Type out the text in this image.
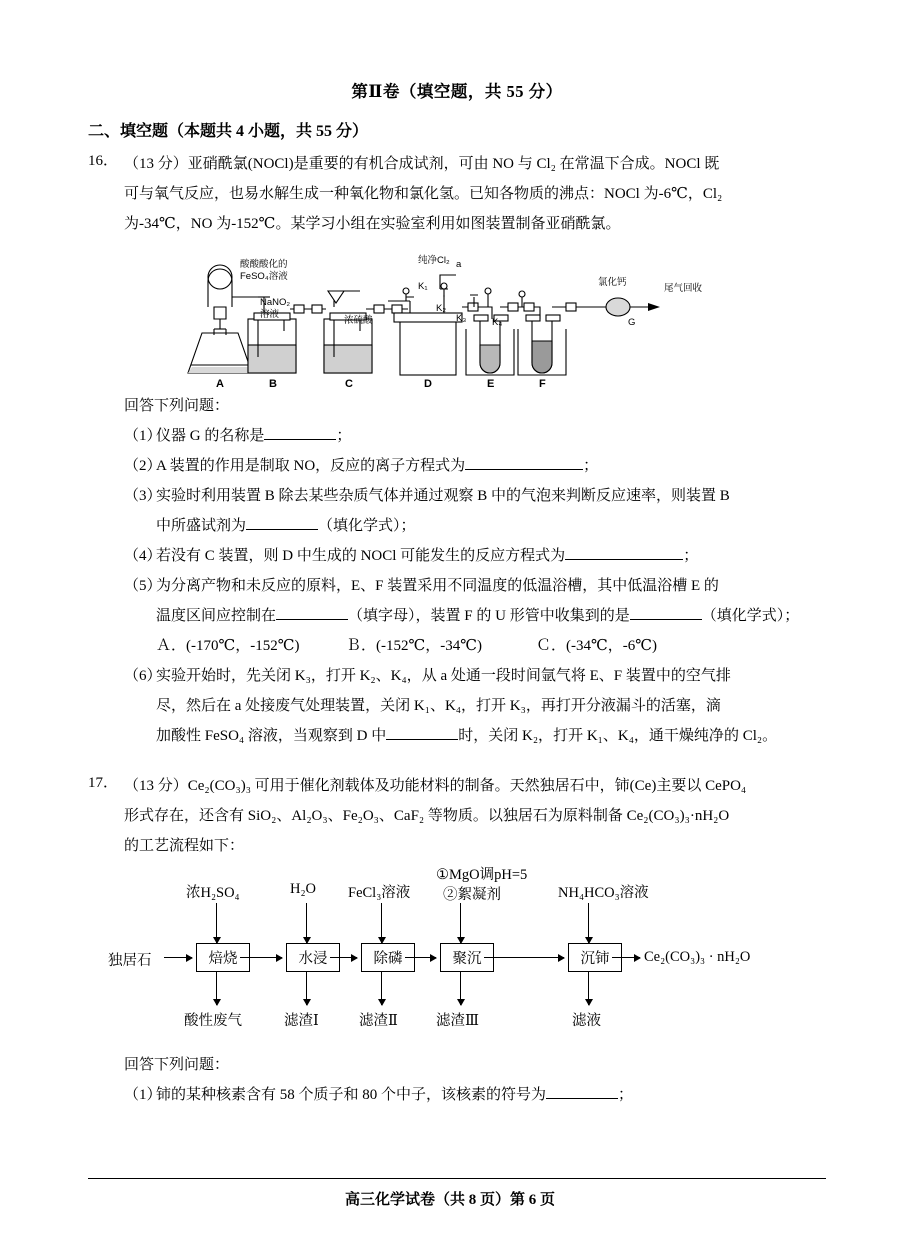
第Ⅱ卷（填空题，共 55 分）
二、填空题（本题共 4 小题，共 55 分）
16． （13 分）亚硝酰氯(NOCl)是重要的有机合成试剂，可由 NO 与 Cl₂ 在常温下合成。NOCl 既

可与氧气反应，也易水解生成一种氧化物和氯化氢。已知各物质的沸点：NOCl 为-6℃，Cl₂

为-34℃，NO 为-152℃。某学习小组在实验室利用如图装置制备亚硝酰氯。

酸酸酸化的
FeSO₄溶液
NaNO₂
溶液
浓硫酸
纯净Cl₂ a
氯化钙
尾气回收
G
K₁
K₂
K₃	K₄
A	B	C	D	E	F
回答下列问题：
（1）
仪器 G 的名称是	；
（2）
A 装置的作用是制取 NO，反应的离子方程式为	；
（3）
实验时利用装置 B 除去某些杂质气体并通过观察 B 中的气泡来判断反应速率，则装置 B
中所盛试剂为	（填化学式）；
（4）
若没有 C 装置，则 D 中生成的 NOCl 可能发生的反应方程式为	；
（5）
为分离产物和未反应的原料，E、F 装置采用不同温度的低温浴槽，其中低温浴槽 E 的
温度区间应控制在	（填字母），装置 F 的 U 形管中收集到的是	（填化学式）；
Ａ．(-170℃，-152℃)	Ｂ．(-152℃，-34℃)	Ｃ．(-34℃，-6℃)
（6）
实验开始时，先关闭 K₃，打开 K₂、K₄，从 a 处通一段时间氩气将 E、F 装置中的空气排
尽，然后在 a 处接废气处理装置，关闭 K₁、K₄，打开 K₃，再打开分液漏斗的活塞，滴
加酸性 FeSO₄ 溶液，当观察到 D 中	时，关闭 K₂，打开 K₁、K₄，通干燥纯净的 Cl₂。
17． （13 分）Ce₂(CO₃)₃ 可用于催化剂载体及功能材料的制备。天然独居石中，铈(Ce)主要以 CePO₄

形式存在，还含有 SiO₂、Al₂O₃、Fe₂O₃、CaF₂ 等物质。以独居石为原料制备 Ce₂(CO₃)₃·nH₂O

的工艺流程如下：

浓H₂SO₄	H₂O FeCl₃溶液
①MgO调pH=5
②絮凝剂	NH₄HCO₃溶液
独居石	焙烧	水浸	除磷	聚沉	沉铈	Ce₂(CO₃)₃ · nH₂O
酸性废气	滤渣Ⅰ	滤渣Ⅱ	滤渣Ⅲ	滤液
回答下列问题：
（1）
铈的某种核素含有 58 个质子和 80 个中子，该核素的符号为	；
高三化学试卷（共 8 页）第 6 页
